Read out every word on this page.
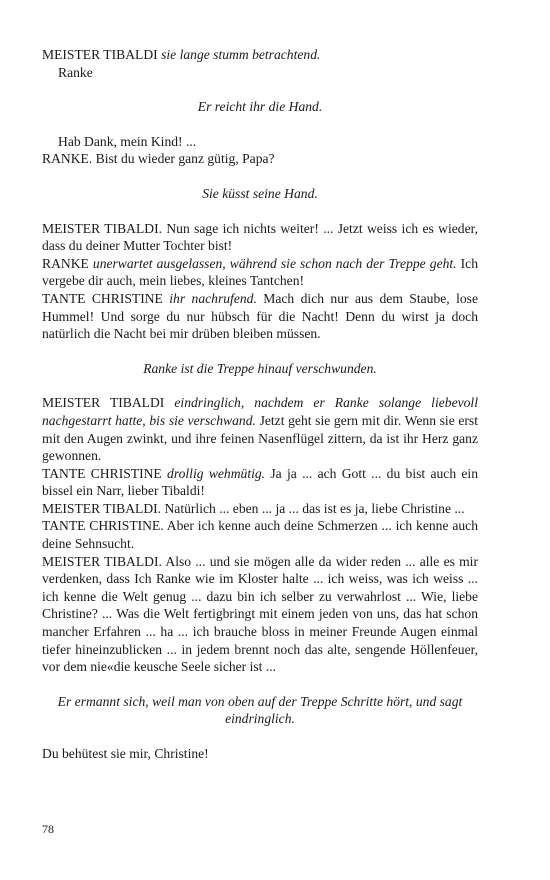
MEISTER TIBALDI sie lange stumm betrachtend.

Ranke

Er reicht ihr die Hand.

Hab Dank, mein Kind! ...

RANKE. Bist du wieder ganz gütig, Papa?

Sie küsst seine Hand.

MEISTER TIBALDI. Nun sage ich nichts weiter! ... Jetzt weiss ich es wieder, dass du deiner Mutter Tochter bist!

RANKE unerwartet ausgelassen, während sie schon nach der Treppe geht. Ich vergebe dir auch, mein liebes, kleines Tantchen!

TANTE CHRISTINE ihr nachrufend. Mach dich nur aus dem Staube, lose Hummel! Und sorge du nur hübsch für die Nacht! Denn du wirst ja doch natürlich die Nacht bei mir drüben bleiben müssen.

Ranke ist die Treppe hinauf verschwunden.

MEISTER TIBALDI eindringlich, nachdem er Ranke solange liebevoll nachgestarrt hatte, bis sie verschwand. Jetzt geht sie gern mit dir. Wenn sie erst mit den Augen zwinkt, und ihre feinen Nasenflügel zittern, da ist ihr Herz ganz gewonnen.

TANTE CHRISTINE drollig wehmütig. Ja ja ... ach Gott ... du bist auch ein bissel ein Narr, lieber Tibaldi!

MEISTER TIBALDI. Natürlich ... eben ... ja ... das ist es ja, liebe Christine ...

TANTE CHRISTINE. Aber ich kenne auch deine Schmerzen ... ich kenne auch deine Sehnsucht.

MEISTER TIBALDI. Also ... und sie mögen alle da wider reden ... alle es mir verdenken, dass Ich Ranke wie im Kloster halte ... ich weiss, was ich weiss ... ich kenne die Welt genug ... dazu bin ich selber zu verwahrlost ... Wie, liebe Christine? ... Was die Welt fertigbringt mit einem jeden von uns, das hat schon mancher Erfahren ... ha ... ich brauche bloss in meiner Freunde Augen einmal tiefer hineinzublicken ... in jedem brennt noch das alte, sengende Höllenfeuer, vor dem nie«die keusche Seele sicher ist ...

Er ermannt sich, weil man von oben auf der Treppe Schritte hört, und sagt eindringlich.

Du behütest sie mir, Christine!

78
